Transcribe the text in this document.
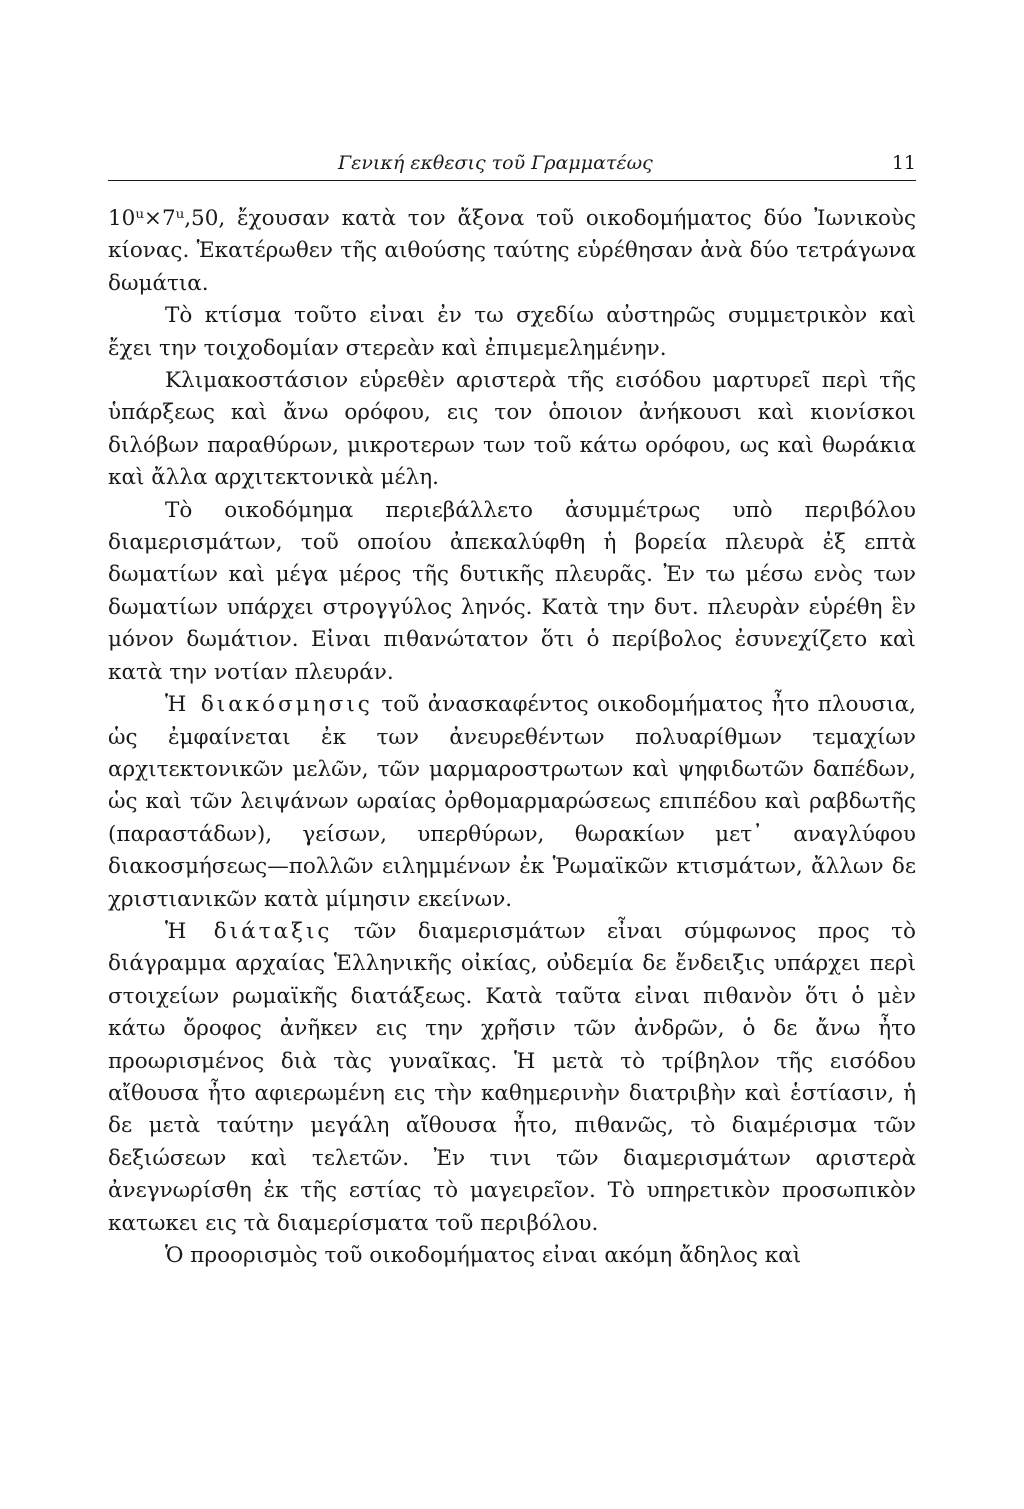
Γενική εκθεσις τοῦ Γραμματέως	11

10ᵘ×7ᵘ,50, ἔχουσαν κατὰ τον ἄξονα τοῦ οικοδομήματος δύο Ἰωνικοὺς κίονας. Ἑκατέρωθεν τῆς αιθούσης ταύτης εὑρέθησαν ἀνὰ δύο τετράγωνα δωμάτια.

Τὸ κτίσμα τοῦτο εἰναι ἐν τω σχεδίω αὐστηρῶς συμμετρικὸν καὶ ἔχει την τοιχοδομίαν στερεὰν καὶ ἐπιμεμελημένην.

Κλιμακοστάσιον εὑρεθὲν αριστερὰ τῆς εισόδου μαρτυρεῖ περὶ τῆς ὑπάρξεως καὶ ἄνω ορόφου, εις τον ὁποιον ἀνήκουσι καὶ κιονίσκοι διλόβων παραθύρων, μικροτερων των τοῦ κάτω ορόφου, ως καὶ θωράκια καὶ ἄλλα αρχιτεκτονικὰ μέλη.

Τὸ οικοδόμημα περιεβάλλετο ἀσυμμέτρως υπὸ περιβόλου διαμερισμάτων, τοῦ οποίου ἀπεκαλύφθη ἡ βορεία πλευρὰ ἐξ επτὰ δωματίων καὶ μέγα μέρος τῆς δυτικῆς πλευρᾶς. Ἐν τω μέσω ενὸς των δωματίων υπάρχει στρογγύλος ληνός. Κατὰ την δυτ. πλευρὰν εὑρέθη ἓν μόνον δωμάτιον. Εἰναι πιθανώτατον ὅτι ὁ περίβολος ἐσυνεχίζετο καὶ κατὰ την νοτίαν πλευράν.

Ἡ διακόσμησις τοῦ ἀνασκαφέντος οικοδομήματος ἦτο πλουσια, ὡς ἐμφαίνεται ἐκ των ἀνευρεθέντων πολυαρίθμων τεμαχίων αρχιτεκτονικῶν μελῶν, τῶν μαρμαροστρωτων καὶ ψηφιδωτῶν δαπέδων, ὡς καὶ τῶν λειψάνων ωραίας ὀρθομαρμαρώσεως επιπέδου καὶ ραβδωτῆς (παραστάδων), γείσων, υπερθύρων, θωρακίων μετ᾽ αναγλύφου διακοσμήσεως—πολλῶν ειλημμένων ἐκ Ῥωμαϊκῶν κτισμάτων, ἄλλων δε χριστιανικῶν κατὰ μίμησιν εκείνων.

Ἡ διάταξις τῶν διαμερισμάτων εἶναι σύμφωνος προς τὸ διάγραμμα αρχαίας Ἑλληνικῆς οἰκίας, οὐδεμία δε ἔνδειξις υπάρχει περὶ στοιχείων ρωμαϊκῆς διατάξεως. Κατὰ ταῦτα εἰναι πιθανὸν ὅτι ὁ μὲν κάτω ὄροφος ἀνῆκεν εις την χρῆσιν τῶν ἀνδρῶν, ὁ δε ἄνω ἦτο προωρισμένος διὰ τὰς γυναῖκας. Ἡ μετὰ τὸ τρίβηλον τῆς εισόδου αἴθουσα ἦτο αφιερωμένη εις τὴν καθημερινὴν διατριβὴν καὶ ἑστίασιν, ἡ δε μετὰ ταύτην μεγάλη αἴθουσα ἦτο, πιθανῶς, τὸ διαμέρισμα τῶν δεξιώσεων καὶ τελετῶν. Ἐν τινι τῶν διαμερισμάτων αριστερὰ ἀνεγνωρίσθη ἐκ τῆς εστίας τὸ μαγειρεῖον. Τὸ υπηρετικὸν προσωπικὸν κατωκει εις τὰ διαμερίσματα τοῦ περιβόλου.

Ὁ προορισμὸς τοῦ οικοδομήματος εἰναι ακόμη ἄδηλος καὶ
